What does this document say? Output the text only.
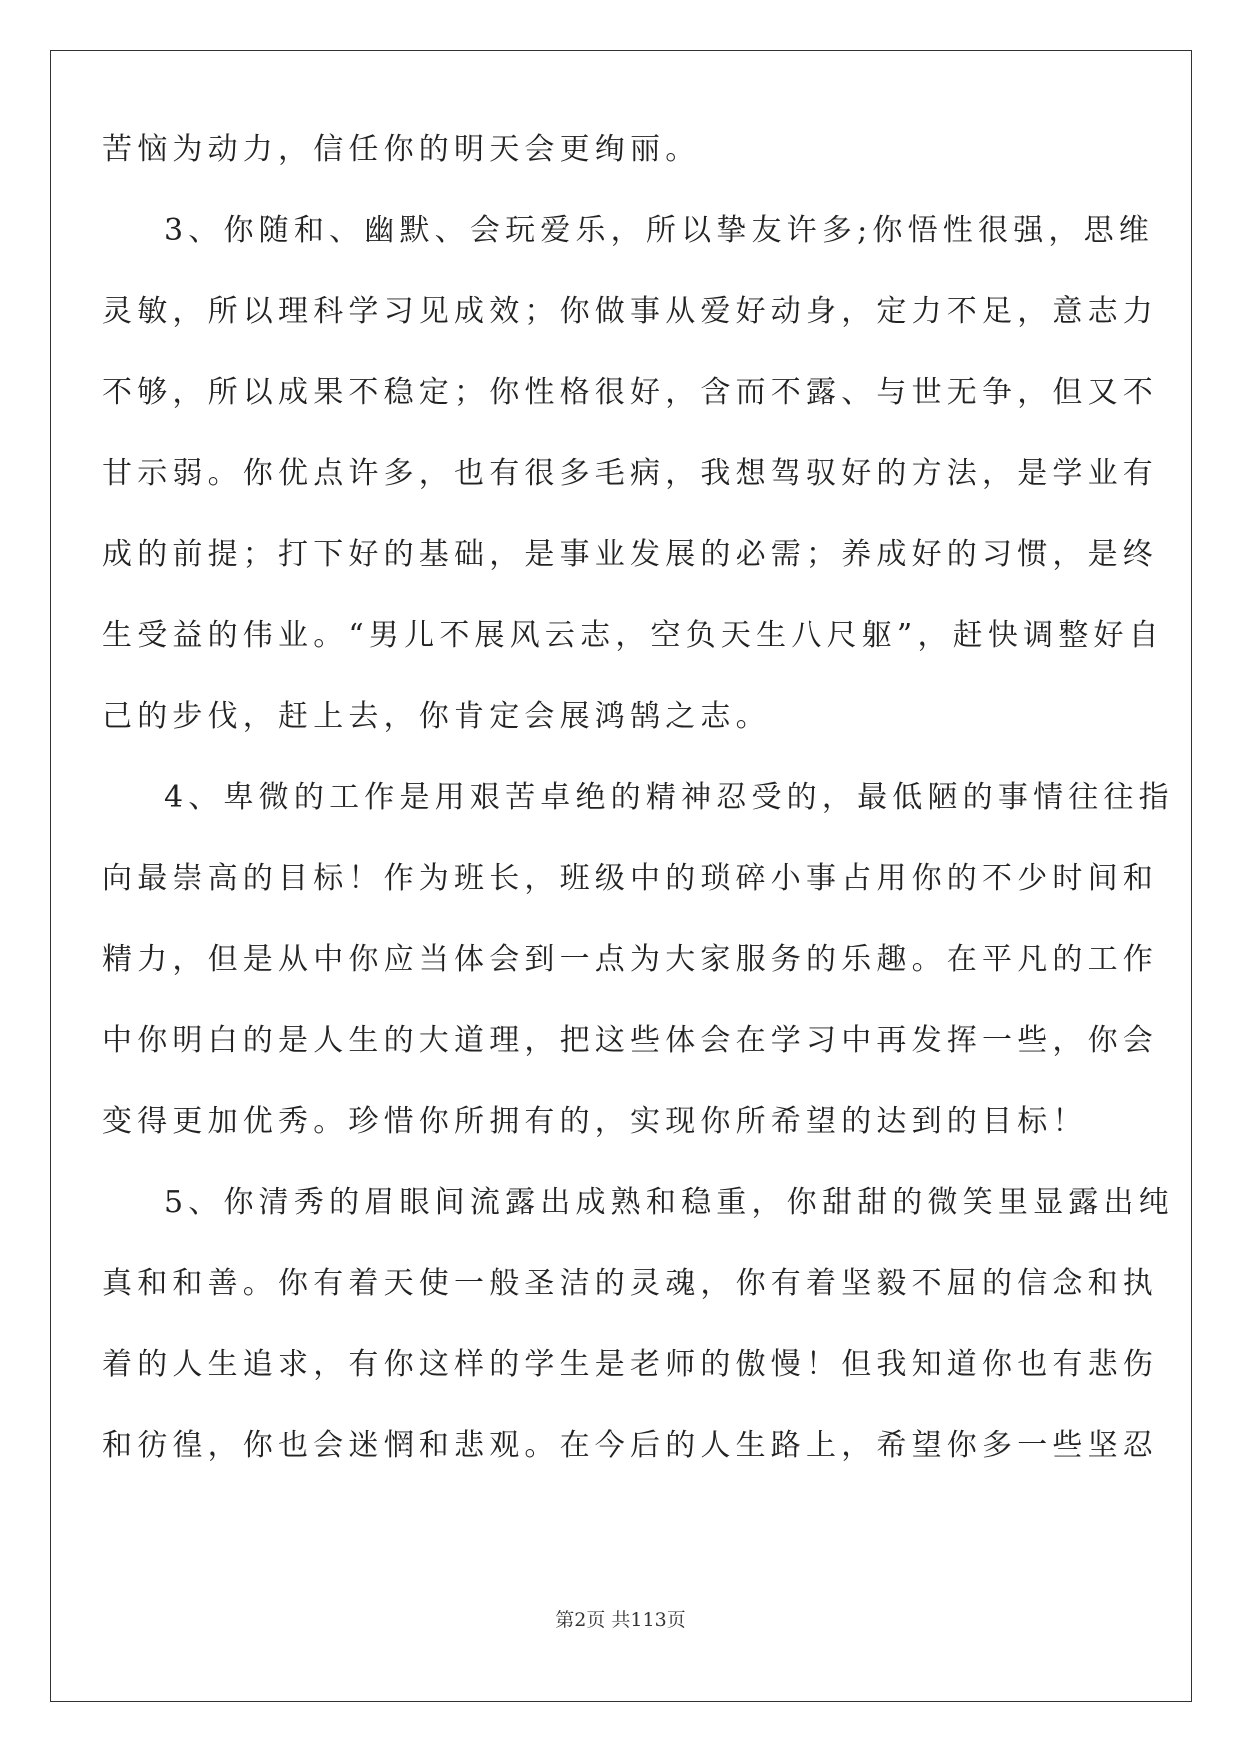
苦恼为动力，信任你的明天会更绚丽。
3、你随和、幽默、会玩爱乐，所以挚友许多;你悟性很强，思维
灵敏，所以理科学习见成效；你做事从爱好动身，定力不足，意志力
不够，所以成果不稳定；你性格很好，含而不露、与世无争，但又不
甘示弱。你优点许多，也有很多毛病，我想驾驭好的方法，是学业有
成的前提；打下好的基础，是事业发展的必需；养成好的习惯，是终
生受益的伟业。“男儿不展风云志，空负天生八尺躯”，赶快调整好自
己的步伐，赶上去，你肯定会展鸿鹄之志。
4、卑微的工作是用艰苦卓绝的精神忍受的，最低陋的事情往往指
向最崇高的目标！作为班长，班级中的琐碎小事占用你的不少时间和
精力，但是从中你应当体会到一点为大家服务的乐趣。在平凡的工作
中你明白的是人生的大道理，把这些体会在学习中再发挥一些，你会
变得更加优秀。珍惜你所拥有的，实现你所希望的达到的目标！
5、你清秀的眉眼间流露出成熟和稳重，你甜甜的微笑里显露出纯
真和和善。你有着天使一般圣洁的灵魂，你有着坚毅不屈的信念和执
着的人生追求，有你这样的学生是老师的傲慢！但我知道你也有悲伤
和彷徨，你也会迷惘和悲观。在今后的人生路上，希望你多一些坚忍
第2页 共113页
